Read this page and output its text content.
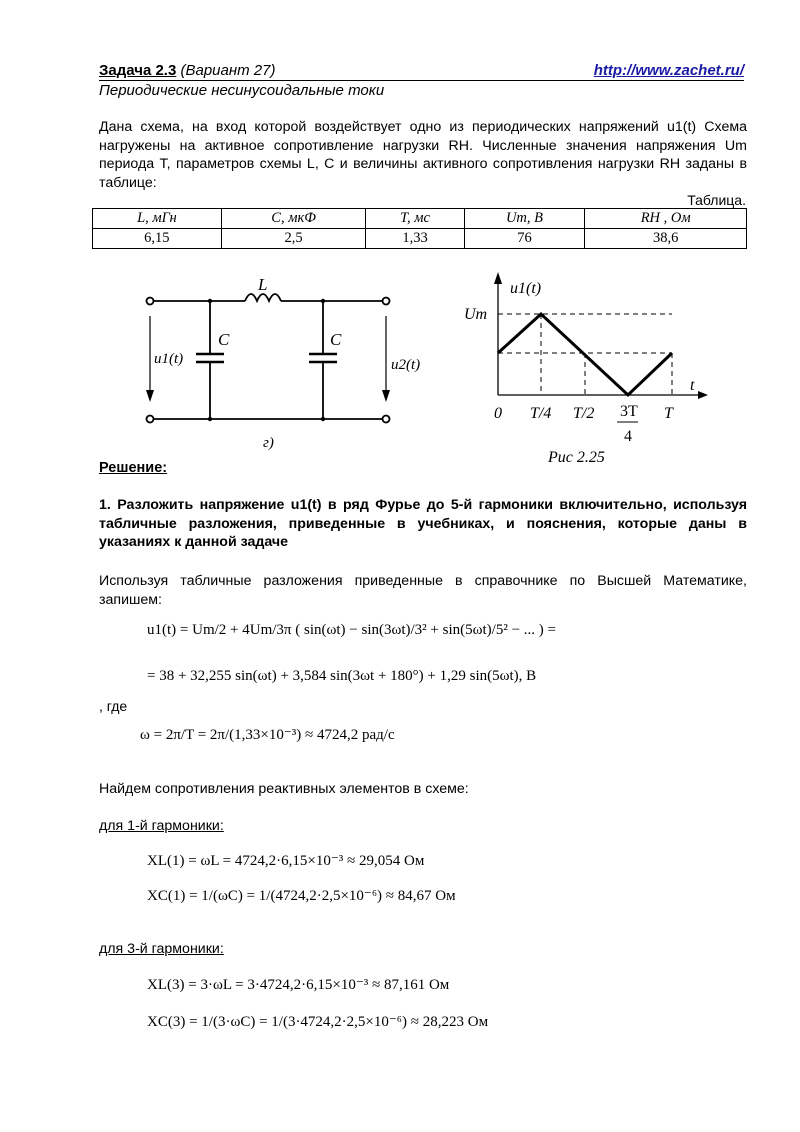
Задача 2.3 (Вариант 27)	http://www.zachet.ru/
Периодические несинусоидальные токи
Дана схема, на вход которой воздействует одно из периодических напряжений u1(t) Схема нагружены на активное сопротивление нагрузки RН. Численные значения напряжения Um периода T, параметров схемы L, C и величины активного сопротивления нагрузки RH заданы в таблице:
Таблица.
L, мГн	C, мкФ	T, мс	Um, В	RH , Ом
6,15	2,5	1,33	76	38,6
L
C	C
u1(t)	u2(t)
г)
u1(t)
Um
t
0 T/4 T/2	T
Рис 2.25
3T
4
Решение:
1. Разложить напряжение u1(t) в ряд Фурье до 5-й гармоники включительно, используя табличные разложения, приведенные в учебниках, и пояснения, которые даны в указаниях к данной задаче
Используя табличные разложения приведенные в справочнике по Высшей Математике, запишем:
u1(t) = Um/2 + 4Um/3π ( sin(ωt) − sin(3ωt)/3² + sin(5ωt)/5² − ... ) =
= 38 + 32,255 sin(ωt) + 3,584 sin(3ωt + 180°) + 1,29 sin(5ωt), B
, где
ω = 2π/T = 2π/(1,33×10⁻³) ≈ 4724,2 рад/c
Найдем сопротивления реактивных элементов в схеме:
для 1-й гармоники:
XL(1) = ωL = 4724,2·6,15×10⁻³ ≈ 29,054 Ом
XC(1) = 1/(ωC) = 1/(4724,2·2,5×10⁻⁶) ≈ 84,67 Ом
для 3-й гармоники:
XL(3) = 3·ωL = 3·4724,2·6,15×10⁻³ ≈ 87,161 Ом
XC(3) = 1/(3·ωC) = 1/(3·4724,2·2,5×10⁻⁶) ≈ 28,223 Ом
